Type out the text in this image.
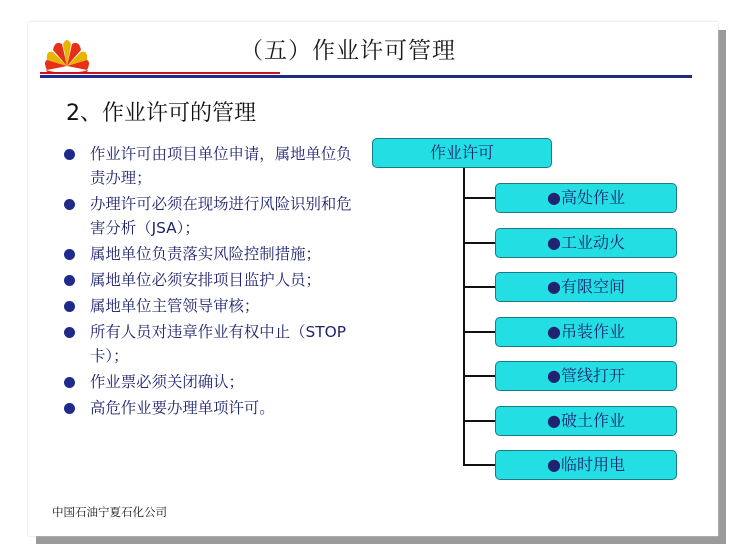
（五）作业许可管理
2、作业许可的管理
作业许可由项目单位申请，属地单位负责办理；
办理许可必须在现场进行风险识别和危害分析（JSA）；
属地单位负责落实风险控制措施；
属地单位必须安排项目监护人员；
属地单位主管领导审核；
所有人员对违章作业有权中止（STOP卡）；
作业票必须关闭确认；
高危作业要办理单项许可。
作业许可
●高处作业
●工业动火
●有限空间
●吊装作业
●管线打开
●破土作业
●临时用电
中国石油宁夏石化公司
